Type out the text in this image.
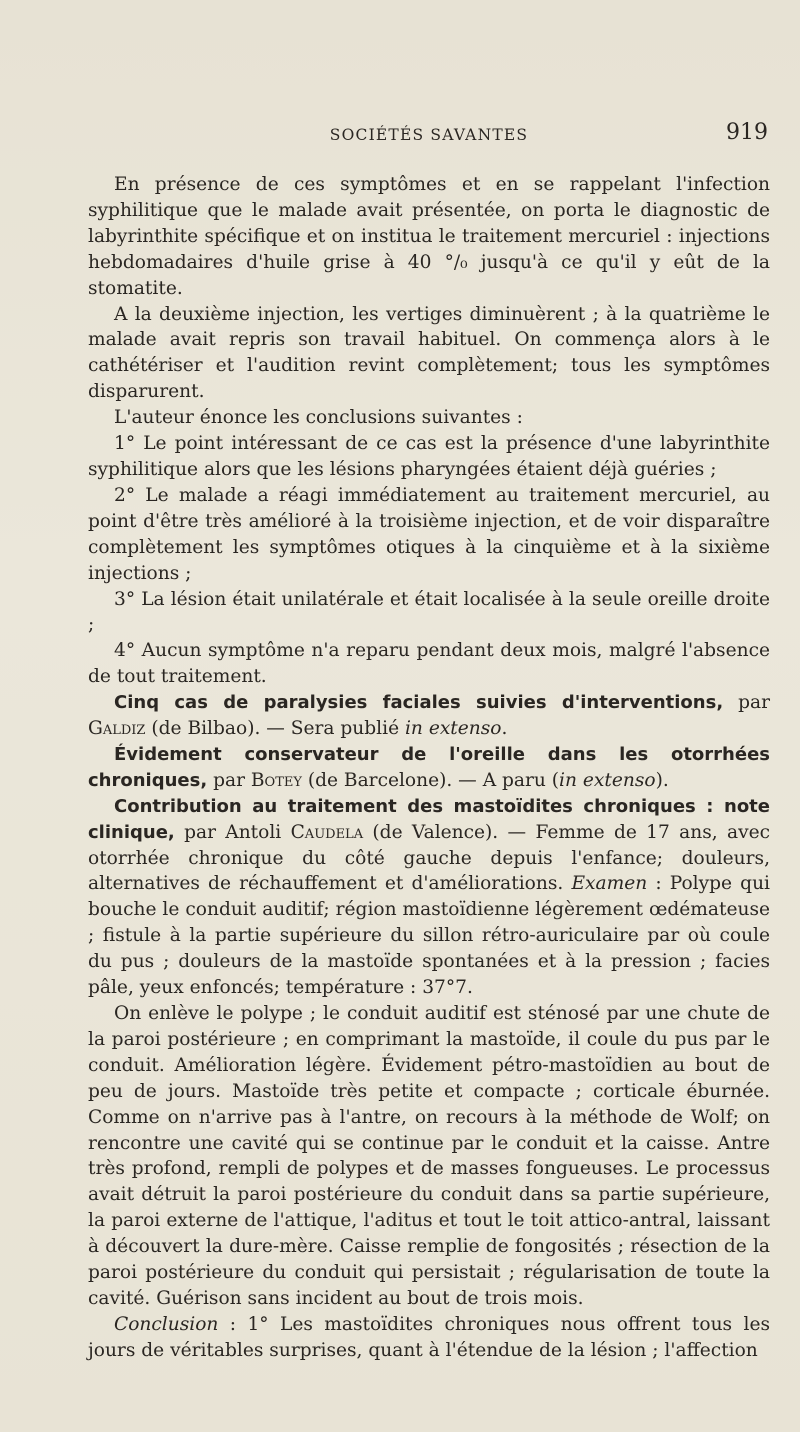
SOCIÉTÉS SAVANTES	919

En présence de ces symptômes et en se rappelant l'infection syphilitique que le malade avait présentée, on porta le diagnostic de labyrinthite spécifique et on institua le traitement mercuriel : injections hebdomadaires d'huile grise à 40 °/₀ jusqu'à ce qu'il y eût de la stomatite.

A la deuxième injection, les vertiges diminuèrent ; à la quatrième le malade avait repris son travail habituel. On commença alors à le cathétériser et l'audition revint complètement; tous les symptômes disparurent.

L'auteur énonce les conclusions suivantes :

1° Le point intéressant de ce cas est la présence d'une labyrinthite syphilitique alors que les lésions pharyngées étaient déjà guéries ;

2° Le malade a réagi immédiatement au traitement mercuriel, au point d'être très amélioré à la troisième injection, et de voir disparaître complètement les symptômes otiques à la cinquième et à la sixième injections ;

3° La lésion était unilatérale et était localisée à la seule oreille droite ;

4° Aucun symptôme n'a reparu pendant deux mois, malgré l'absence de tout traitement.

Cinq cas de paralysies faciales suivies d'interventions, par Galdiz (de Bilbao). — Sera publié in extenso.

Évidement conservateur de l'oreille dans les otorrhées chroniques, par Botey (de Barcelone). — A paru (in extenso).

Contribution au traitement des mastoïdites chroniques : note clinique, par Antoli Caudela (de Valence). — Femme de 17 ans, avec otorrhée chronique du côté gauche depuis l'enfance; douleurs, alternatives de réchauffement et d'améliorations. Examen : Polype qui bouche le conduit auditif; région mastoïdienne légèrement œdémateuse ; fistule à la partie supérieure du sillon rétro-auriculaire par où coule du pus ; douleurs de la mastoïde spontanées et à la pression ; facies pâle, yeux enfoncés; température : 37°7.

On enlève le polype ; le conduit auditif est sténosé par une chute de la paroi postérieure ; en comprimant la mastoïde, il coule du pus par le conduit. Amélioration légère. Évidement pétro-mastoïdien au bout de peu de jours. Mastoïde très petite et compacte ; corticale éburnée. Comme on n'arrive pas à l'antre, on recours à la méthode de Wolf; on rencontre une cavité qui se continue par le conduit et la caisse. Antre très profond, rempli de polypes et de masses fongueuses. Le processus avait détruit la paroi postérieure du conduit dans sa partie supérieure, la paroi externe de l'attique, l'aditus et tout le toit attico-antral, laissant à découvert la dure-mère. Caisse remplie de fongosités ; résection de la paroi postérieure du conduit qui persistait ; régularisation de toute la cavité. Guérison sans incident au bout de trois mois.

Conclusion : 1° Les mastoïdites chroniques nous offrent tous les jours de véritables surprises, quant à l'étendue de la lésion ; l'affection
